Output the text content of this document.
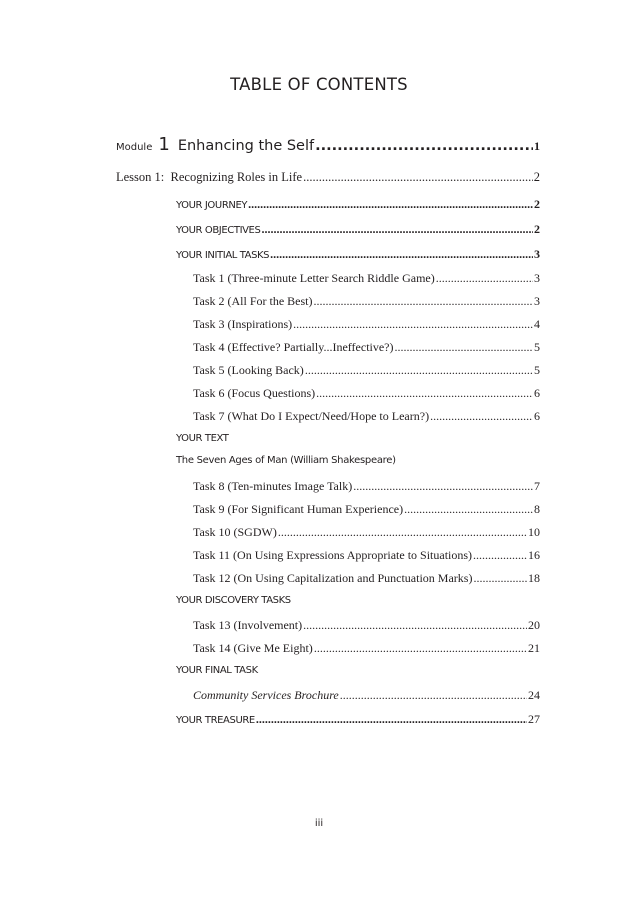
TABLE OF CONTENTS
Module 1 Enhancing the Self .....	1
Lesson 1:  Recognizing Roles in Life .....	2
YOUR JOURNEY .....	2
YOUR OBJECTIVES .....	2
YOUR INITIAL TASKS .....	3
Task 1 (Three-minute Letter Search Riddle Game) .....	3
Task 2 (All For the Best) .....	3
Task 3 (Inspirations) .....	4
Task 4 (Effective? Partially...Ineffective?) .....	5
Task 5 (Looking Back) .....	5
Task 6 (Focus Questions) .....	6
Task 7 (What Do I Expect/Need/Hope to Learn?) .....	6
YOUR TEXT
The Seven Ages of Man (William Shakespeare)
Task 8 (Ten-minutes Image Talk) .....	7
Task 9 (For Significant Human Experience) .....	8
Task 10 (SGDW) .....	10
Task 11 (On Using Expressions Appropriate to Situations) .....	16
Task 12 (On Using Capitalization and Punctuation Marks) .....	18
YOUR DISCOVERY TASKS
Task 13 (Involvement) .....	20
Task 14 (Give Me Eight) .....	21
YOUR FINAL TASK
Community Services Brochure .....	24
YOUR TREASURE .....	27
iii
